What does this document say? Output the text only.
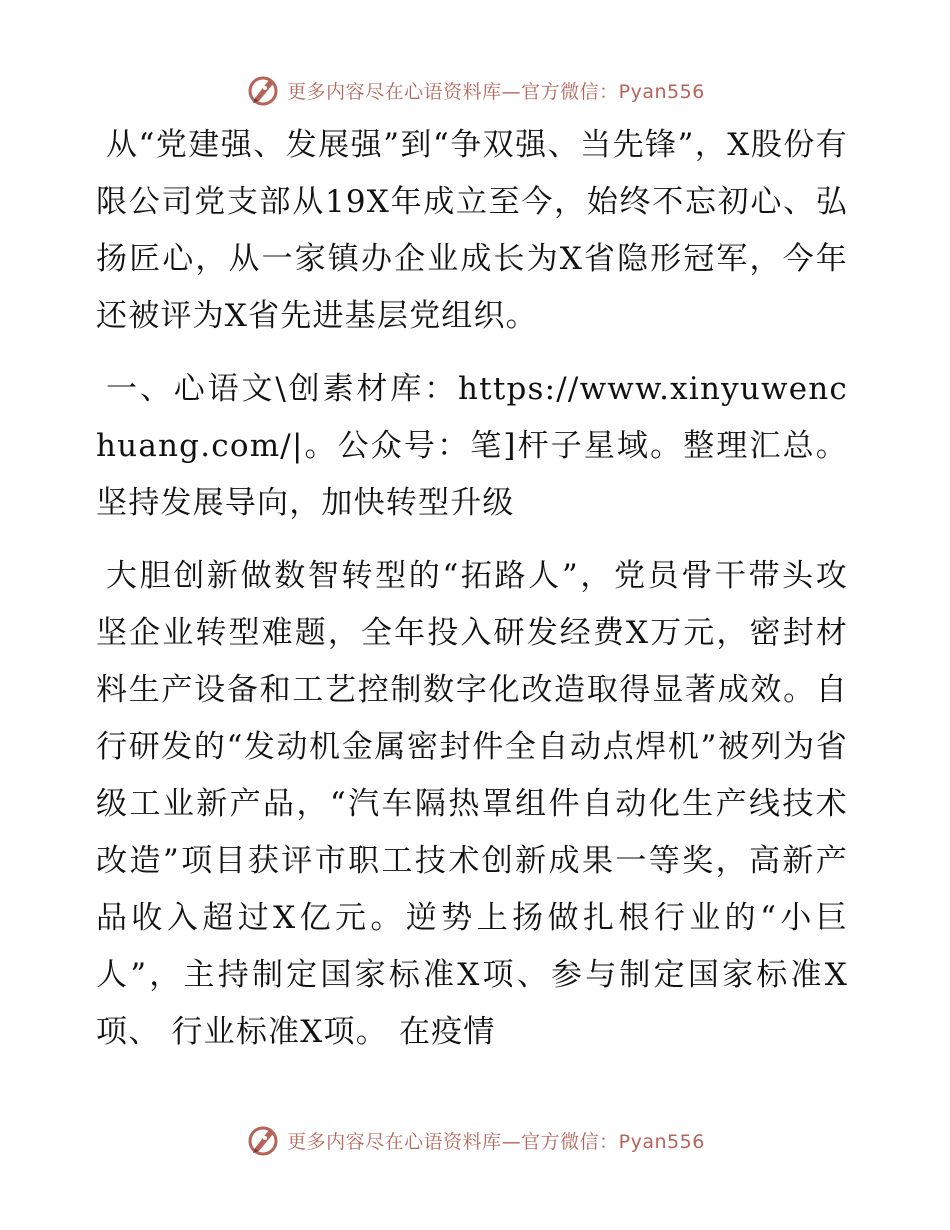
更多内容尽在心语资料库—官方微信：Pyan556

从“党建强、发展强”到“争双强、当先锋”，X股份有限公司党支部从19X年成立至今，始终不忘初心、弘扬匠心，从一家镇办企业成长为X省隐形冠军，今年还被评为X省先进基层党组织。

一、心语文\创素材库：https://www.xinyuwenchuang.com/|。公众号：笔]杆子星域。整理汇总。坚持发展导向，加快转型升级

大胆创新做数智转型的“拓路人”，党员骨干带头攻坚企业转型难题，全年投入研发经费X万元，密封材料生产设备和工艺控制数字化改造取得显著成效。自行研发的“发动机金属密封件全自动点焊机”被列为省级工业新产品，“汽车隔热罩组件自动化生产线技术改造”项目获评市职工技术创新成果一等奖，高新产品收入超过X亿元。逆势上扬做扎根行业的“小巨人”，主持制定国家标准X项、参与制定国家标准X项、 行业标准X项。 在疫情

更多内容尽在心语资料库—官方微信：Pyan556
